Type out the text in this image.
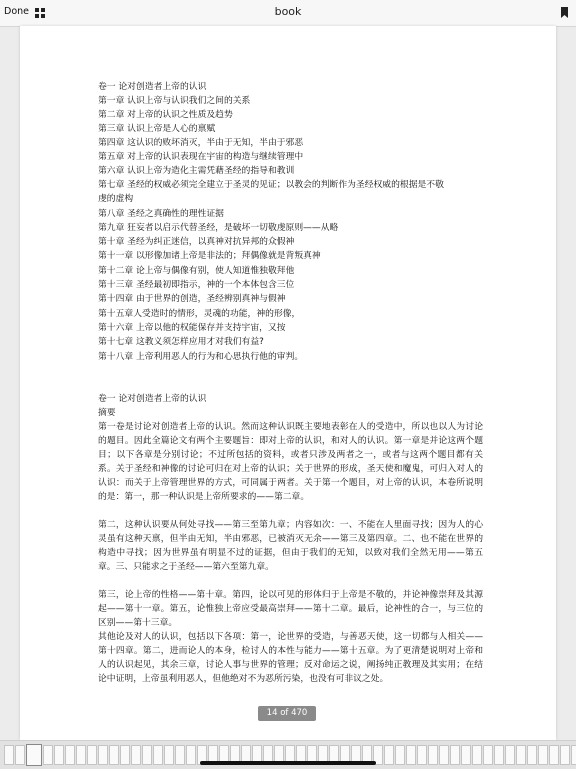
Done	book
卷一 论对创造者上帝的认识
第一章 认识上帝与认识我们之间的关系
第二章 对上帝的认识之性质及趋势
第三章 认识上帝是人心的禀赋
第四章 这认识的败坏消灭，半由于无知，半由于邪恶
第五章 对上帝的认识表现在宇宙的构造与继续管理中
第六章 认识上帝为造化主需凭藉圣经的指导和教训
第七章 圣经的权威必须完全建立于圣灵的见证；以教会的判断作为圣经权威的根据是不敬
虔的虚构
第八章 圣经之真确性的理性证据
第九章 狂妄者以启示代替圣经，是破坏一切敬虔原则——从略
第十章 圣经为纠正迷信，以真神对抗异邦的众假神
第十一章 以形像加诸上帝是非法的；拜偶像就是背叛真神
第十二章 论上帝与偶像有别，使人知道惟独敬拜他
第十三章 圣经最初即指示，神的一个本体包含三位
第十四章 由于世界的创造，圣经辨别真神与假神
第十五章人受造时的情形，灵魂的功能，神的形像，
第十六章 上帝以他的权能保存并支持宇宙，又按
第十七章 这教义须怎样应用才对我们有益?
第十八章 上帝利用恶人的行为和心思执行他的审判。
卷一 论对创造者上帝的认识
摘要
第一卷是讨论对创造者上帝的认识。然而这种认识既主要地表彰在人的受造中，所以也以人为讨论的题目。因此全篇论文有两个主要题旨：即对上帝的认识，和对人的认识。第一章是并论这两个题目；以下各章是分别讨论；不过所包括的资料，或者只涉及两者之一，或者与这两个题目都有关系。关于圣经和神像的讨论可归在对上帝的认识；关于世界的形成，圣天使和魔鬼，可归入对人的认识：而关于上帝管理世界的方式，可同属于两者。关于第一个题目，对上帝的认识，本卷所说明的是：第一，那一种认识是上帝所要求的——第二章。
第二，这种认识要从何处寻找——第三至第九章；内容如次：一、不能在人里面寻找；因为人的心灵虽有这种天禀，但半由无知，半由邪恶，已被消灭无余——第三及第四章。二、也不能在世界的构造中寻找；因为世界虽有明显不过的证据，但由于我们的无知，以致对我们全然无用——第五章。三、只能求之于圣经——第六至第九章。
第三，论上帝的性格——第十章。第四，论以可见的形体归于上帝是不敬的，并论神像崇拜及其源起——第十一章。第五，论惟独上帝应受最高崇拜——第十二章。最后，论神性的合一，与三位的区别——第十三章。
其他论及对人的认识，包括以下各项：第一，论世界的受造，与善恶天使，这一切都与人相关——第十四章。第二，进而论人的本身，检讨人的本性与能力——第十五章。为了更清楚说明对上帝和人的认识起见，其余三章，讨论人事与世界的管理；反对命运之说，阐扬纯正教理及其实用；在结论中证明，上帝虽利用恶人，但他绝对不为恶所污染，也没有可非议之处。
14 of 470
